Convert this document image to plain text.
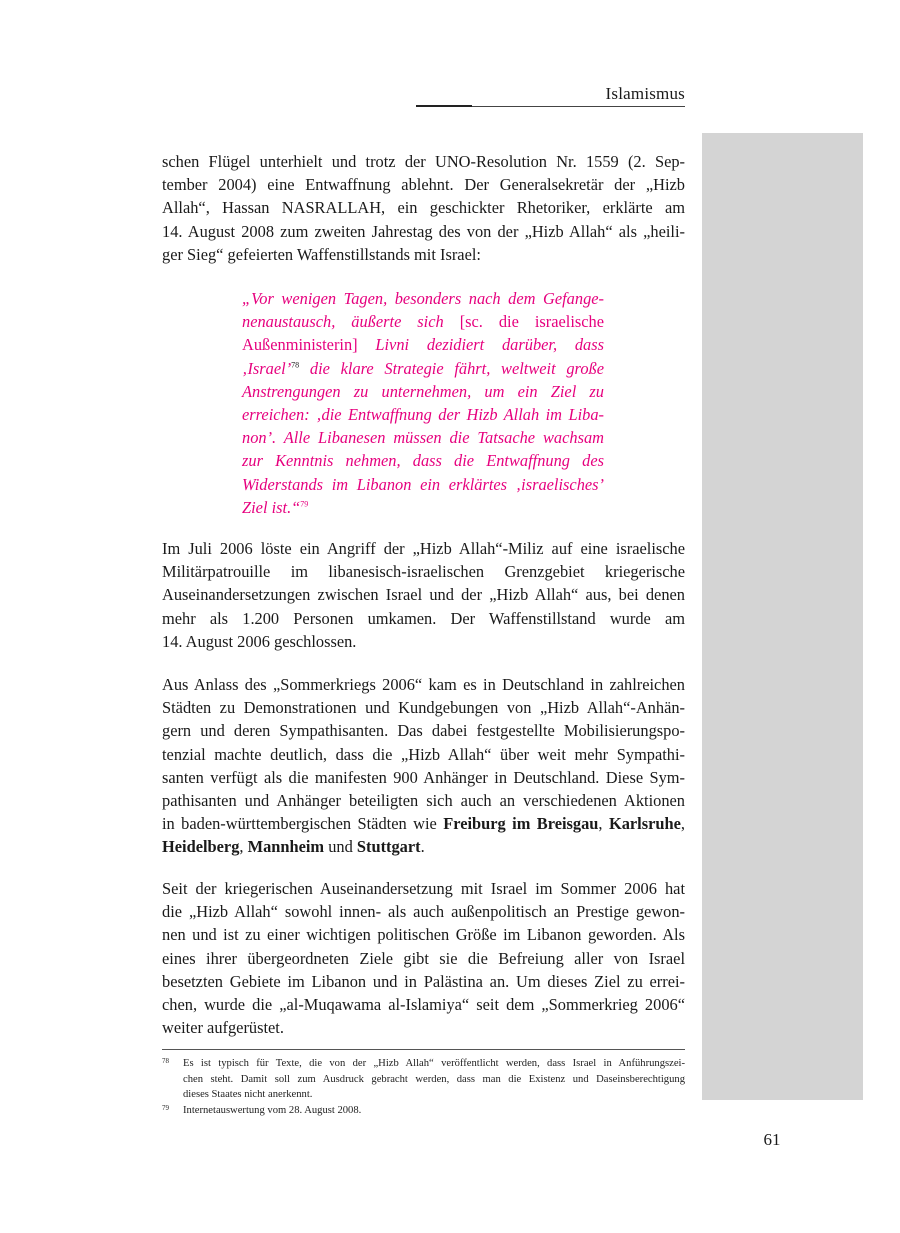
Islamismus
schen Flügel unterhielt und trotz der UNO-Resolution Nr. 1559 (2. Sep-
tember 2004) eine Entwaffnung ablehnt. Der Generalsekretär der „Hizb
Allah“, Hassan NASRALLAH, ein geschickter Rhetoriker, erklärte am
14. August 2008 zum zweiten Jahrestag des von der „Hizb Allah“ als „heili-
ger Sieg“ gefeierten Waffenstillstands mit Israel:
„Vor wenigen Tagen, besonders nach dem Gefange-
nenaustausch, äußerte sich [sc. die israelische
Außenministerin] Livni dezidiert darüber, dass
‚Israel’$^{78}$ die klare Strategie fährt, weltweit große
Anstrengungen zu unternehmen, um ein Ziel zu
erreichen: ‚die Entwaffnung der Hizb Allah im Liba-
non’. Alle Libanesen müssen die Tatsache wachsam
zur Kenntnis nehmen, dass die Entwaffnung des
Widerstands im Libanon ein erklärtes ‚israelisches’
Ziel ist.“$^{79}$
Im Juli 2006 löste ein Angriff der „Hizb Allah“-Miliz auf eine israelische
Militärpatrouille im libanesisch-israelischen Grenzgebiet kriegerische
Auseinandersetzungen zwischen Israel und der „Hizb Allah“ aus, bei denen
mehr als 1.200 Personen umkamen. Der Waffenstillstand wurde am
14. August 2006 geschlossen.
Aus Anlass des „Sommerkriegs 2006“ kam es in Deutschland in zahlreichen
Städten zu Demonstrationen und Kundgebungen von „Hizb Allah“-Anhän-
gern und deren Sympathisanten. Das dabei festgestellte Mobilisierungspo-
tenzial machte deutlich, dass die „Hizb Allah“ über weit mehr Sympathi-
santen verfügt als die manifesten 900 Anhänger in Deutschland. Diese Sym-
pathisanten und Anhänger beteiligten sich auch an verschiedenen Aktionen
in baden-württembergischen Städten wie Freiburg im Breisgau, Karlsruhe,
Heidelberg, Mannheim und Stuttgart.
Seit der kriegerischen Auseinandersetzung mit Israel im Sommer 2006 hat
die „Hizb Allah“ sowohl innen- als auch außenpolitisch an Prestige gewon-
nen und ist zu einer wichtigen politischen Größe im Libanon geworden. Als
eines ihrer übergeordneten Ziele gibt sie die Befreiung aller von Israel
besetzten Gebiete im Libanon und in Palästina an. Um dieses Ziel zu errei-
chen, wurde die „al-Muqawama al-Islamiya“ seit dem „Sommerkrieg 2006“
weiter aufgerüstet.
78 Es ist typisch für Texte, die von der „Hizb Allah“ veröffentlicht werden, dass Israel in Anführungszei-
chen steht. Damit soll zum Ausdruck gebracht werden, dass man die Existenz und Daseinsberechtigung
dieses Staates nicht anerkennt.
79 Internetauswertung vom 28. August 2008.
61
